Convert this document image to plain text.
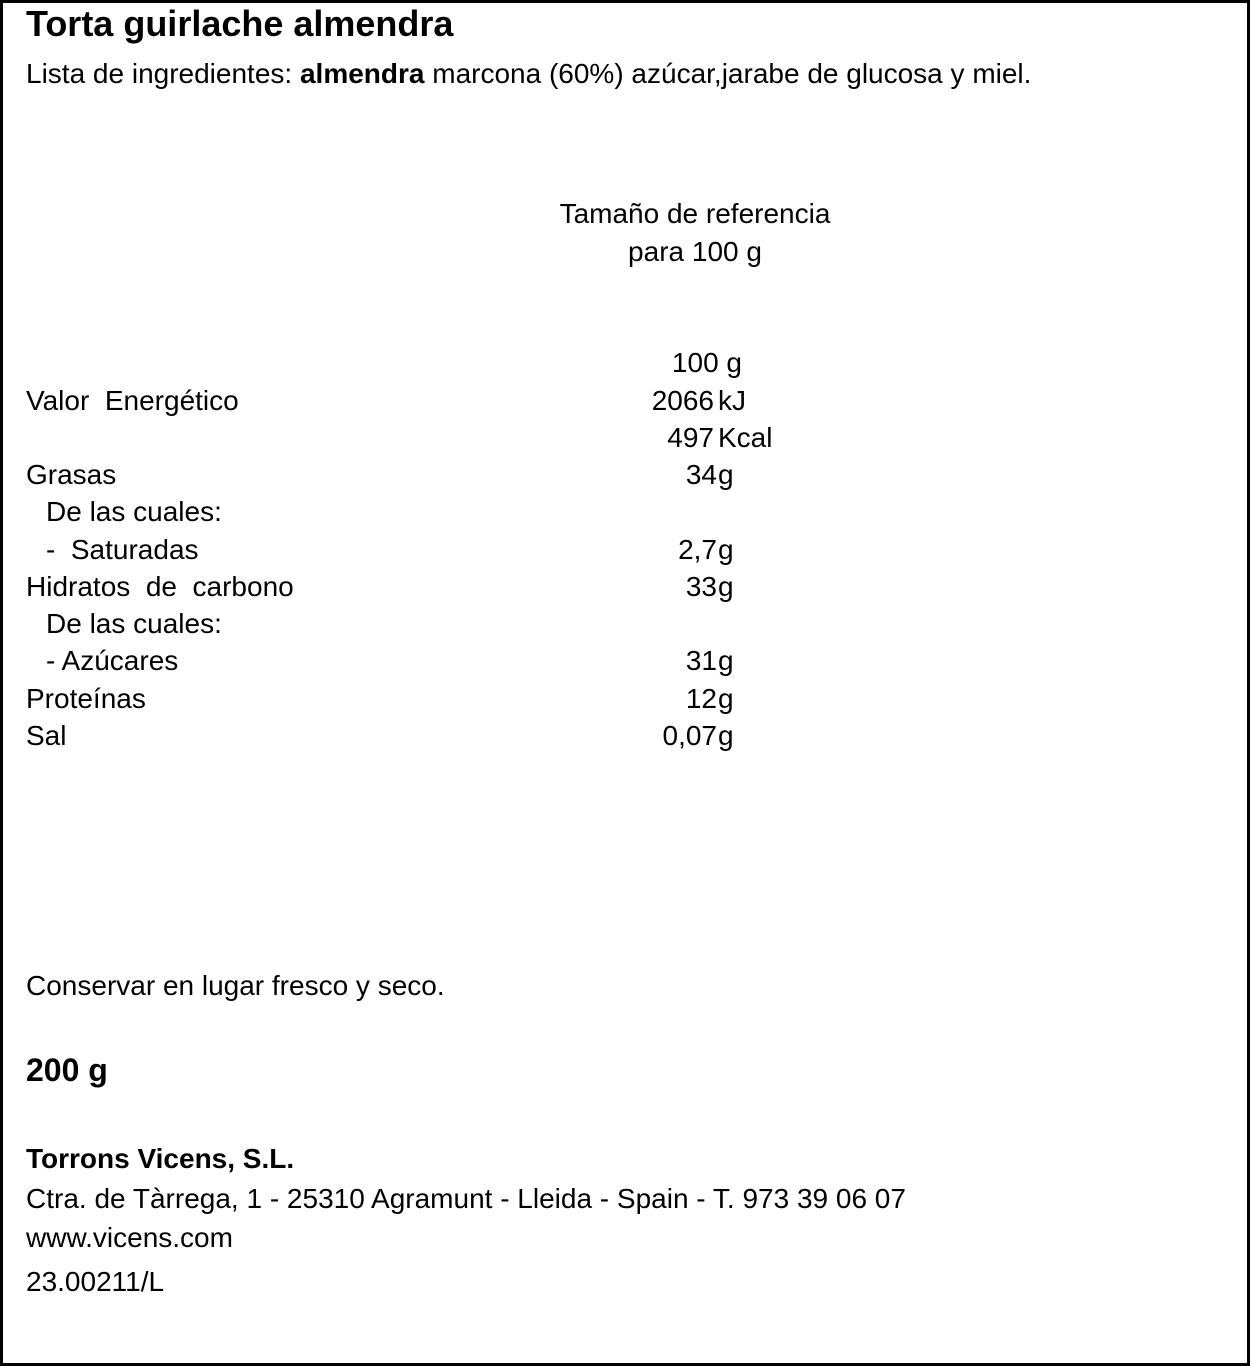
Torta guirlache almendra
Lista de ingredientes: almendra marcona (60%) azúcar,jarabe de glucosa y miel.
Tamaño de referencia
para 100 g
100 g
Valor  Energético	2066 kJ
497 Kcal
Grasas	34 g
De las cuales:
-  Saturadas	2,7 g
Hidratos  de  carbono	33 g
De las cuales:
- Azúcares	31 g
Proteínas	12 g
Sal	0,07 g
Conservar en lugar fresco y seco.
200 g
Torrons Vicens, S.L.
Ctra. de Tàrrega, 1 - 25310 Agramunt - Lleida - Spain - T. 973 39 06 07
www.vicens.com
23.00211/L
